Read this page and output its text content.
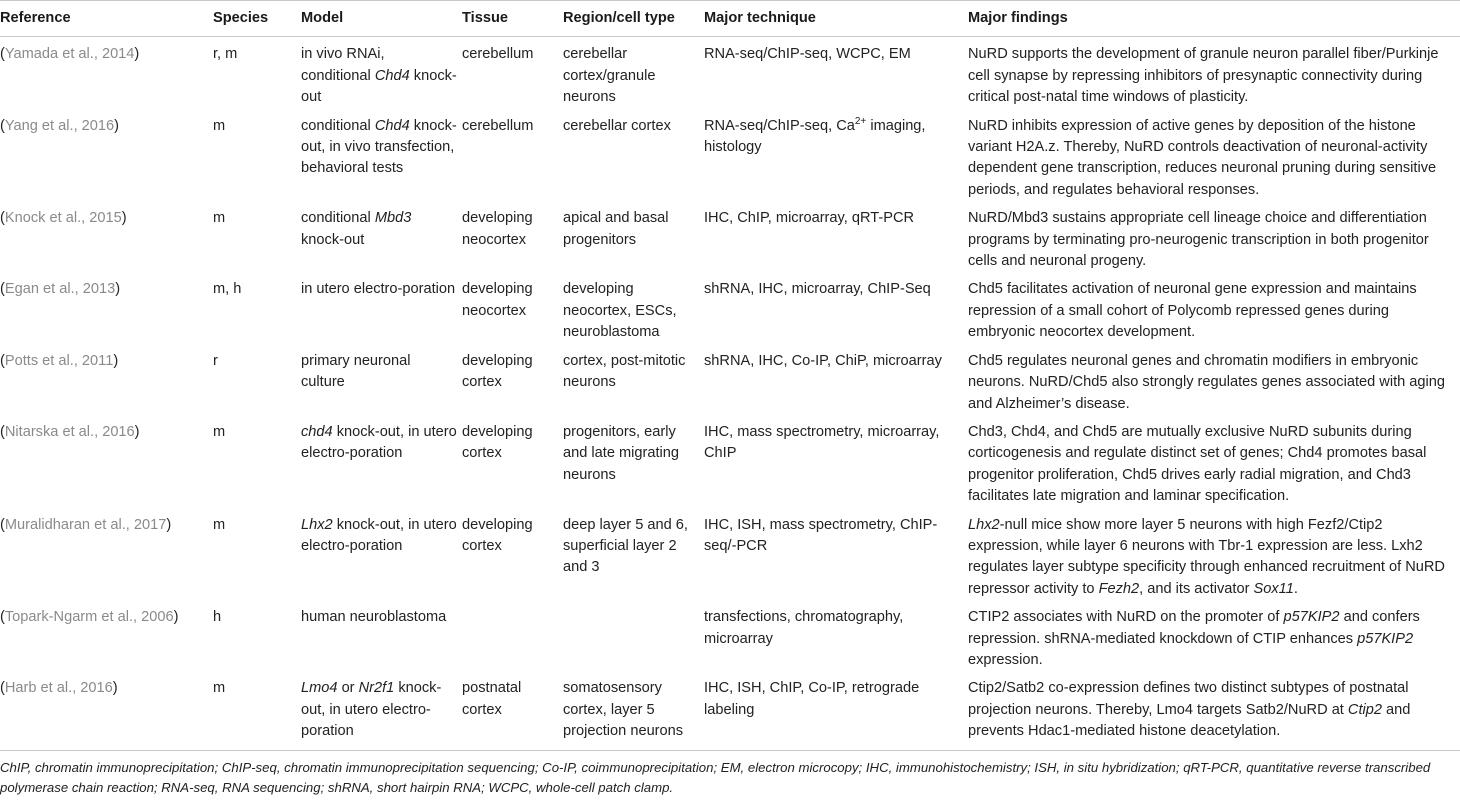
Reference	Species	Model	Tissue	Region/cell type	Major technique	Major findings
(Yamada et al., 2014)	r, m	in vivo RNAi, conditional Chd4 knock-out	cerebellum	cerebellar cortex/granule neurons	RNA-seq/ChIP-seq, WCPC, EM	NuRD supports the development of granule neuron parallel fiber/Purkinje cell synapse by repressing inhibitors of presynaptic connectivity during critical post-natal time windows of plasticity.
(Yang et al., 2016)	m	conditional Chd4 knock-out, in vivo transfection, behavioral tests	cerebellum	cerebellar cortex	RNA-seq/ChIP-seq, $Ca^{2+}$ imaging, histology	NuRD inhibits expression of active genes by deposition of the histone variant H2A.z. Thereby, NuRD controls deactivation of neuronal-activity dependent gene transcription, reduces neuronal pruning during sensitive periods, and regulates behavioral responses.
(Knock et al., 2015)	m	conditional Mbd3 knock-out	developing neocortex	apical and basal progenitors	IHC, ChIP, microarray, qRT-PCR	NuRD/Mbd3 sustains appropriate cell lineage choice and differentiation programs by terminating pro-neurogenic transcription in both progenitor cells and neuronal progeny.
(Egan et al., 2013)	m, h	in utero electro-poration	developing neocortex	developing neocortex, ESCs, neuroblastoma	shRNA, IHC, microarray, ChIP-Seq	Chd5 facilitates activation of neuronal gene expression and maintains repression of a small cohort of Polycomb repressed genes during embryonic neocortex development.
(Potts et al., 2011)	r	primary neuronal culture	developing cortex	cortex, post-mitotic neurons	shRNA, IHC, Co-IP, ChiP, microarray	Chd5 regulates neuronal genes and chromatin modifiers in embryonic neurons. NuRD/Chd5 also strongly regulates genes associated with aging and Alzheimer’s disease.
(Nitarska et al., 2016)	m	chd4 knock-out, in utero electro-poration	developing cortex	progenitors, early and late migrating neurons	IHC, mass spectrometry, microarray, ChIP	Chd3, Chd4, and Chd5 are mutually exclusive NuRD subunits during corticogenesis and regulate distinct set of genes; Chd4 promotes basal progenitor proliferation, Chd5 drives early radial migration, and Chd3 facilitates late migration and laminar specification.
(Muralidharan et al., 2017)	m	Lhx2 knock-out, in utero electro-poration	developing cortex	deep layer 5 and 6, superficial layer 2 and 3	IHC, ISH, mass spectrometry, ChIP-seq/-PCR	Lhx2-null mice show more layer 5 neurons with high Fezf2/Ctip2 expression, while layer 6 neurons with Tbr-1 expression are less. Lxh2 regulates layer subtype specificity through enhanced recruitment of NuRD repressor activity to Fezh2, and its activator Sox11.
(Topark-Ngarm et al., 2006)	h	human neuroblastoma			transfections, chromatography, microarray	CTIP2 associates with NuRD on the promoter of p57KIP2 and confers repression. shRNA-mediated knockdown of CTIP enhances p57KIP2 expression.
(Harb et al., 2016)	m	Lmo4 or Nr2f1 knock-out, in utero electro-poration	postnatal cortex	somatosensory cortex, layer 5 projection neurons	IHC, ISH, ChIP, Co-IP, retrograde labeling	Ctip2/Satb2 co-expression defines two distinct subtypes of postnatal projection neurons. Thereby, Lmo4 targets Satb2/NuRD at Ctip2 and prevents Hdac1-mediated histone deacetylation.
ChIP, chromatin immunoprecipitation; ChIP-seq, chromatin immunoprecipitation sequencing; Co-IP, coimmunoprecipitation; EM, electron microcopy; IHC, immunohistochemistry; ISH, in situ hybridization; qRT-PCR, quantitative reverse transcribed polymerase chain reaction; RNA-seq, RNA sequencing; shRNA, short hairpin RNA; WCPC, whole-cell patch clamp.
